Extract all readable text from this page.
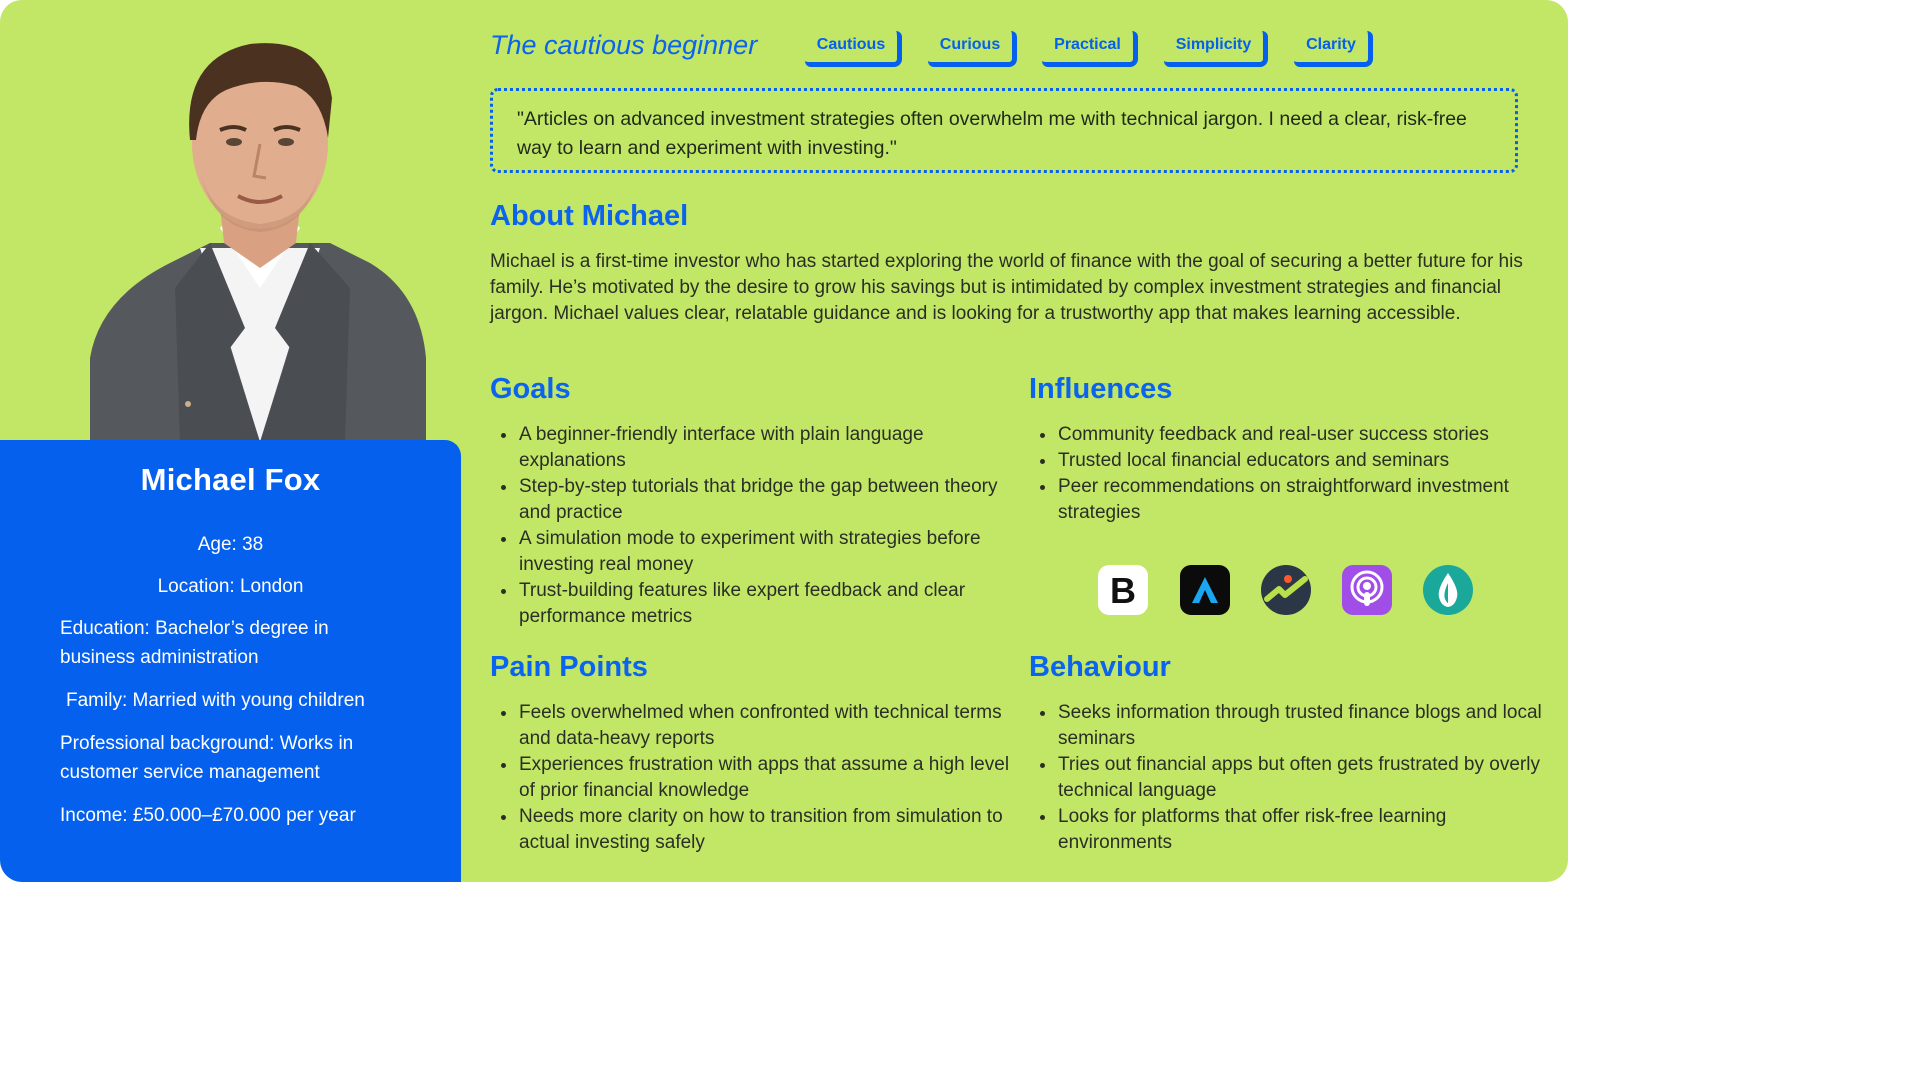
Michael Fox
Age: 38
Location: London
Education: Bachelor’s degree in business administration
Family: Married with young children
Professional background: Works in customer service management
Income: £50.000–£70.000 per year
The cautious beginner	Cautious	Curious	Practical	Simplicity	Clarity
"Articles on advanced investment strategies often overwhelm me with technical jargon. I need a clear, risk-free way to learn and experiment with investing."
About Michael
Michael is a first-time investor who has started exploring the world of finance with the goal of securing a better future for his family. He’s motivated by the desire to grow his savings but is intimidated by complex investment strategies and financial jargon. Michael values clear, relatable guidance and is looking for a trustworthy app that makes learning accessible.
Goals
A beginner-friendly interface with plain language explanations
Step-by-step tutorials that bridge the gap between theory and practice
A simulation mode to experiment with strategies before investing real money
Trust-building features like expert feedback and clear performance metrics
Influences
Community feedback and real-user success stories
Trusted local financial educators and seminars
Peer recommendations on straightforward investment strategies
B
Pain Points
Feels overwhelmed when confronted with technical terms and data-heavy reports
Experiences frustration with apps that assume a high level of prior financial knowledge
Needs more clarity on how to transition from simulation to actual investing safely
Behaviour
Seeks information through trusted finance blogs and local seminars
Tries out financial apps but often gets frustrated by overly technical language
Looks for platforms that offer risk-free learning environments
